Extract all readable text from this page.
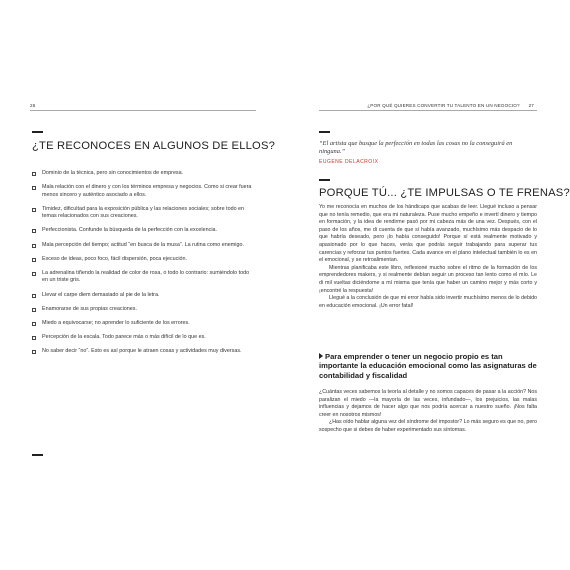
26
¿TE RECONOCES EN ALGUNOS DE ELLOS?
Dominio de la técnica, pero sin conocimientos de empresa.
Mala relación con el dinero y con los términos empresa y negocios. Como si crear fuera menos sincero y auténtico asociado a ellos.
Timidez, dificultad para la exposición pública y las relaciones sociales; sobre todo en temas relacionados con sus creaciones.
Perfeccionista. Confunde la búsqueda de la perfección con la excelencia.
Mala percepción del tiempo; actitud “en busca de la musa”. La rutina como enemigo.
Exceso de ideas, poco foco, fácil dispersión, poca ejecución.
La adrenalina tiñendo la realidad de color de rosa, o todo lo contrario: sumiéndolo todo en un triste gris.
Llevar el carpe diem demasiado al pie de la letra.
Enamorarse de sus propias creaciones.
Miedo a equivocarse; no aprender lo suficiente de los errores.
Percepción de la escala. Todo parece más o más difícil de lo que es.
No saber decir “no”. Esto es así porque le atraen cosas y actividades muy diversas.
¿POR QUÉ QUIERES CONVERTIR TU TALENTO EN UN NEGOCIO? 27
“El artista que busque la perfección en todas las cosas no la conseguirá en ninguna.”
EUGENE DELACROIX
PORQUE TÚ... ¿TE IMPULSAS O TE FRENAS?

Yo me reconocía en muchos de los hándicaps que acabas de leer. Llegué incluso a pensar que no tenía remedio, que era mi naturaleza. Puse mucho empeño e invertí dinero y tiempo en formación, y la idea de rendirme pasó por mi cabeza más de una vez. Después, con el paso de los años, me di cuenta de que sí había avanzado, muchísimo más despacio de lo que habría deseado, pero ¡lo había conseguido! Porque sí está realmente motivado y apasionado por lo que haces, verás que podrás seguir trabajando para superar tus carencias y reforzar tus puntos fuertes. Cada avance en el plano intelectual también lo es en el emocional, y se retroalimentan.

Mientras planificaba este libro, reflexioné mucho sobre el ritmo de la formación de los emprendedores makers, y si realmente debían seguir un proceso tan lento como el mío. Le di mil vueltas diciéndome a mí misma que tenía que haber un camino mejor y más corto y ¡encontré la respuesta!

Llegué a la conclusión de que mi error había sido invertir muchísimo menos de lo debido en educación emocional. ¡Un error fatal!

Para emprender o tener un negocio propio es tan importante la educación emocional como las asignaturas de contabilidad y fiscalidad

¿Cuántas veces sabemos la teoría al detalle y no somos capaces de pasar a la acción? Nos paralizan el miedo —la mayoría de las veces, infundado—, los prejuicios, las malas influencias y dejamos de hacer algo que nos podría acercar a nuestro sueño. ¡Nos falta creer en nosotros mismos!

¿Has oído hablar alguna vez del síndrome del impostor? Lo más seguro es que no, pero sospecho que si debes de haber experimentado sus síntomas.
